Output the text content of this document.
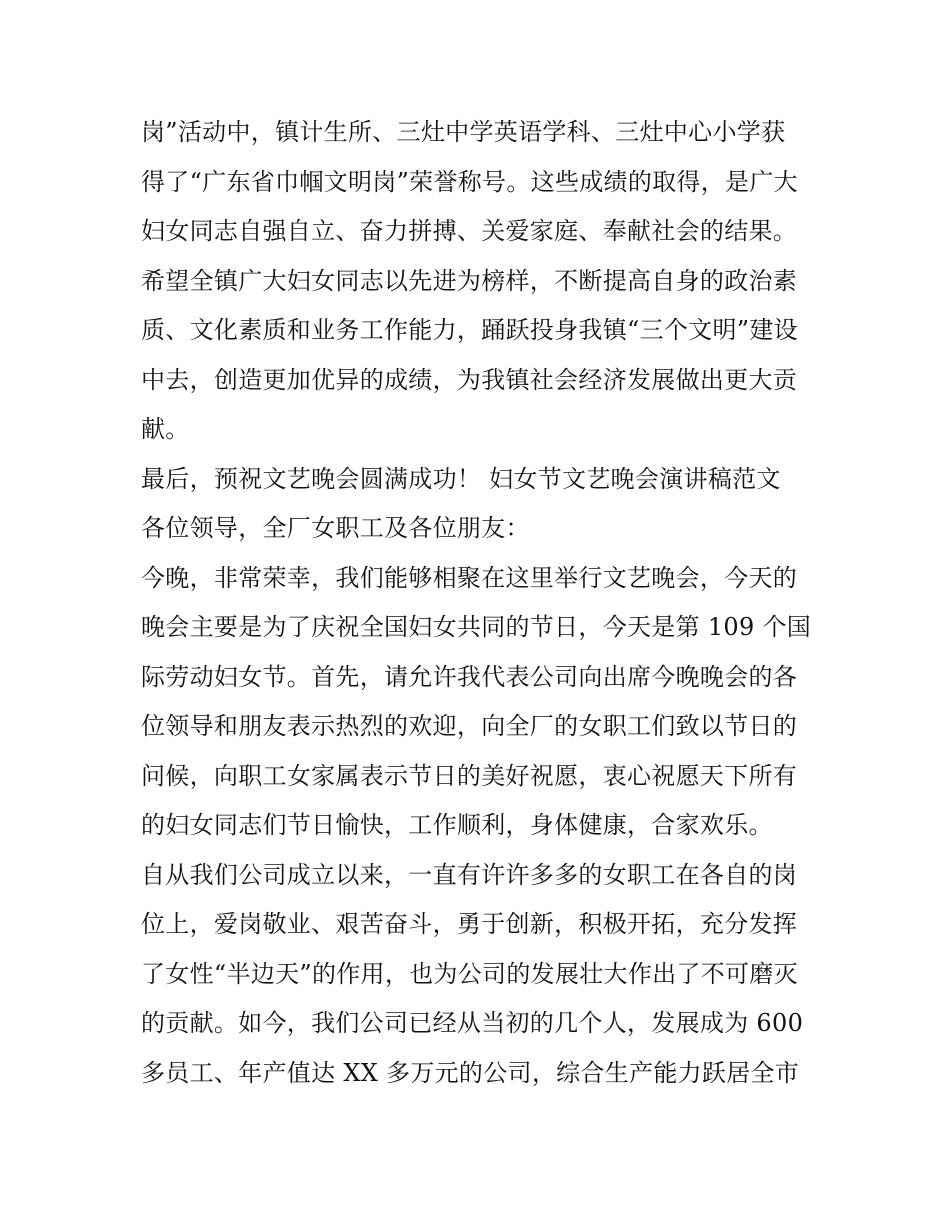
岗”活动中，镇计生所、三灶中学英语学科、三灶中心小学获
得了“广东省巾帼文明岗”荣誉称号。这些成绩的取得，是广大
妇女同志自强自立、奋力拼搏、关爱家庭、奉献社会的结果。
希望全镇广大妇女同志以先进为榜样，不断提高自身的政治素
质、文化素质和业务工作能力，踊跃投身我镇“三个文明”建设
中去，创造更加优异的成绩，为我镇社会经济发展做出更大贡
献。
最后，预祝文艺晚会圆满成功！ 妇女节文艺晚会演讲稿范文
各位领导，全厂女职工及各位朋友：
今晚，非常荣幸，我们能够相聚在这里举行文艺晚会，今天的
晚会主要是为了庆祝全国妇女共同的节日，今天是第 109 个国
际劳动妇女节。首先，请允许我代表公司向出席今晚晚会的各
位领导和朋友表示热烈的欢迎，向全厂的女职工们致以节日的
问候，向职工女家属表示节日的美好祝愿，衷心祝愿天下所有
的妇女同志们节日愉快，工作顺利，身体健康，合家欢乐。
自从我们公司成立以来，一直有许许多多的女职工在各自的岗
位上，爱岗敬业、艰苦奋斗，勇于创新，积极开拓，充分发挥
了女性“半边天”的作用，也为公司的发展壮大作出了不可磨灭
的贡献。如今，我们公司已经从当初的几个人，发展成为 600
多员工、年产值达 XX 多万元的公司，综合生产能力跃居全市
